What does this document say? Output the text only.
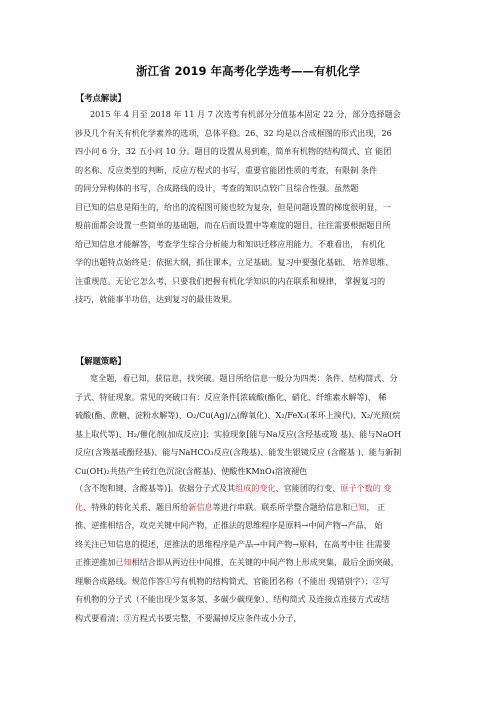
浙江省 2019 年高考化学选考——有机化学
【考点解读】
2015 年 4 月至 2018 年 11 月 7 次选考有机部分分值基本固定 22 分，部分选择题会
涉及几个有关有机化学素养的选项，总体平稳。26、32 均是以合成框图的形式出现，26
四小问 6 分，32 五小问 10 分。题目的设置从易到难，简单有机物的结构简式、官 能团
的名称、反应类型的判断，反应方程式的书写，重要官能团性质的考查，有限制 条件
的同分异构体的书写，合成路线的设计，考查的知识点较广且综合性强。虽然题
目已知的信息是陌生的，给出的流程图可能也较为复杂，但是问题设置的梯度很明显，一
般前面都会设置一些简单的基础题，而在后面设置中等难度的题目，往往需要根据题目所
给已知信息才能解答，考查学生综合分析能力和知识迁移应用能力。不难看出， 有机化
学的出题特点始终是：依据大纲，抓住课本，立足基础。复习中要强化基础、 培养思维、
注重规范。无论它怎么考，只要我们把握有机化学知识的内在联系和规律， 掌握复习的
技巧，就能事半功倍，达到复习的最佳效果。
【解题策略】
宽全题，看已知，获信息，找突破。题目所给信息一般分为四类：条件、结构简式、分
子式、特征现象。常见的突破口有：反应条件[浓硫酸(酯化、硝化、纤维素水解等)、 稀
硫酸(酯、蔗糖、淀粉水解等)、O₂/Cu(Ag)/△(醇氧化)、X₂/FeX₃(苯环上溴代)、X₂/光照(烷
基上取代等)、H₂/催化剂(加成反应)]；实验现象[能与Na反应(含羟基或羧 基)、能与NaOH
反应(含羧基或酚羟基)、能与NaHCO₃反应(含羧基)、能发生银镜反应 (含醛基 )、能与新制
Cu(OH)₂共热产生砖红色沉淀(含醛基)、使酸性KMnO₄溶液褪色
（含不饱和键、含醛基等)]。依据分子式及其组成的变化、官能团的行变、原子个数的 变
化、特殊的转化关系、题目所给新信息等进行串联。联系所学整合题给信息和已知， 正
推、逆推相结合，攻克关键中间产物，正推法的思维程序是原料→中间产物→产品， 始
终关注已知信息的提述，逆推法的思维程序是产品→中间产物→原料，在高考中往 往需要
正推逆推加已知相结合即从两边往中间推，在关键的中间产物上形成突集，最后全面突破，
理顺合成路线。规范作答①写有机物的结构简式、官能团名称（不能出 现错别字）；②写
有机物的分子式（不能出现少氢多氢、多碳少碳现象）、结构简式 及连接点连接方式或结
构式要看清；③方程式书要完整，不要漏掉反应条件或小分子，
